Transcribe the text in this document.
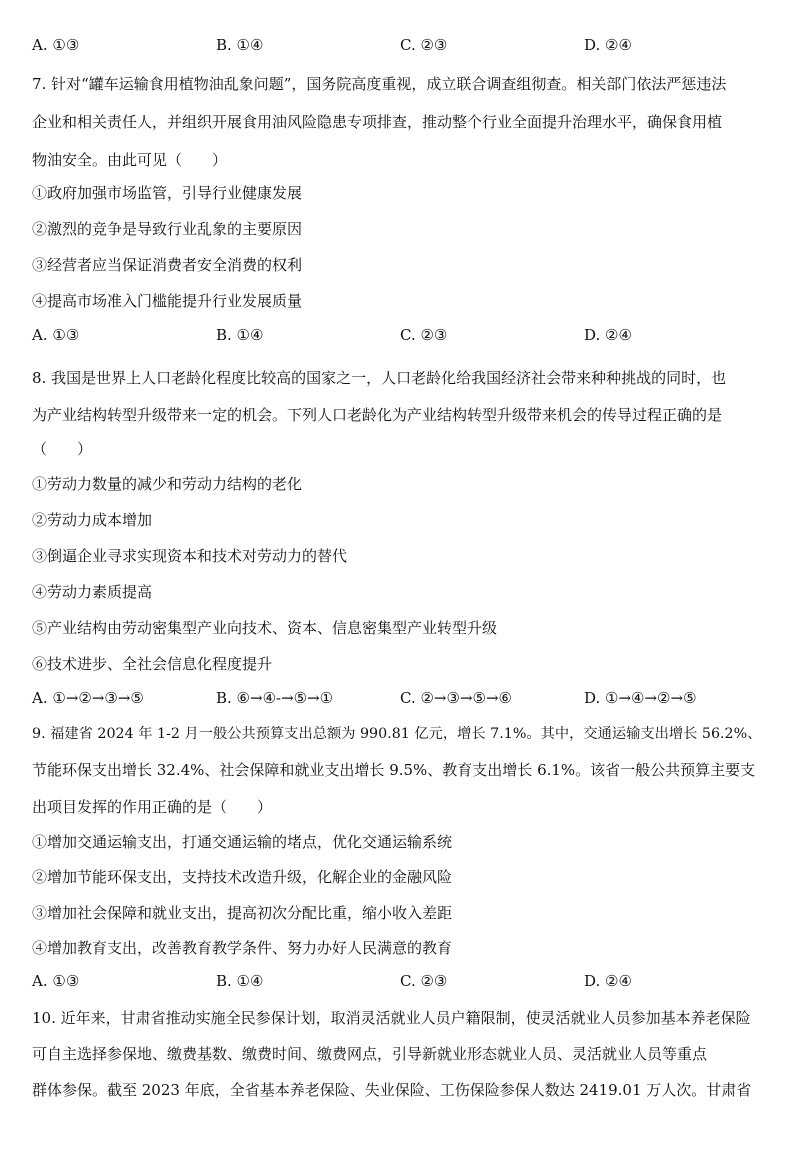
A. ①③	B. ①④	C. ②③	D. ②④
7. 针对“罐车运输食用植物油乱象问题”，国务院高度重视，成立联合调查组彻查。相关部门依法严惩违法
企业和相关责任人，并组织开展食用油风险隐患专项排查，推动整个行业全面提升治理水平，确保食用植
物油安全。由此可见（　　）
①政府加强市场监管，引导行业健康发展
②激烈的竞争是导致行业乱象的主要原因
③经营者应当保证消费者安全消费的权利
④提高市场准入门槛能提升行业发展质量
A. ①③	B. ①④	C. ②③	D. ②④
8. 我国是世界上人口老龄化程度比较高的国家之一，人口老龄化给我国经济社会带来种种挑战的同时，也
为产业结构转型升级带来一定的机会。下列人口老龄化为产业结构转型升级带来机会的传导过程正确的是
（　　）
①劳动力数量的减少和劳动力结构的老化
②劳动力成本增加
③倒逼企业寻求实现资本和技术对劳动力的替代
④劳动力素质提高
⑤产业结构由劳动密集型产业向技术、资本、信息密集型产业转型升级
⑥技术进步、全社会信息化程度提升
A. ①→②→③→⑤	B. ⑥→④-→⑤→①	C. ②→③→⑤→⑥	D. ①→④→②→⑤
9. 福建省 2024 年 1-2 月一般公共预算支出总额为 990.81 亿元，增长 7.1%。其中，交通运输支出增长 56.2%、
节能环保支出增长 32.4%、社会保障和就业支出增长 9.5%、教育支出增长 6.1%。该省一般公共预算主要支
出项目发挥的作用正确的是（　　）
①增加交通运输支出，打通交通运输的堵点，优化交通运输系统
②增加节能环保支出，支持技术改造升级，化解企业的金融风险
③增加社会保障和就业支出，提高初次分配比重，缩小收入差距
④增加教育支出，改善教育教学条件、努力办好人民满意的教育
A. ①③	B. ①④	C. ②③	D. ②④
10. 近年来，甘肃省推动实施全民参保计划，取消灵活就业人员户籍限制，使灵活就业人员参加基本养老保险
可自主选择参保地、缴费基数、缴费时间、缴费网点，引导新就业形态就业人员、灵活就业人员等重点
群体参保。截至 2023 年底，全省基本养老保险、失业保险、工伤保险参保人数达 2419.01 万人次。甘肃省
